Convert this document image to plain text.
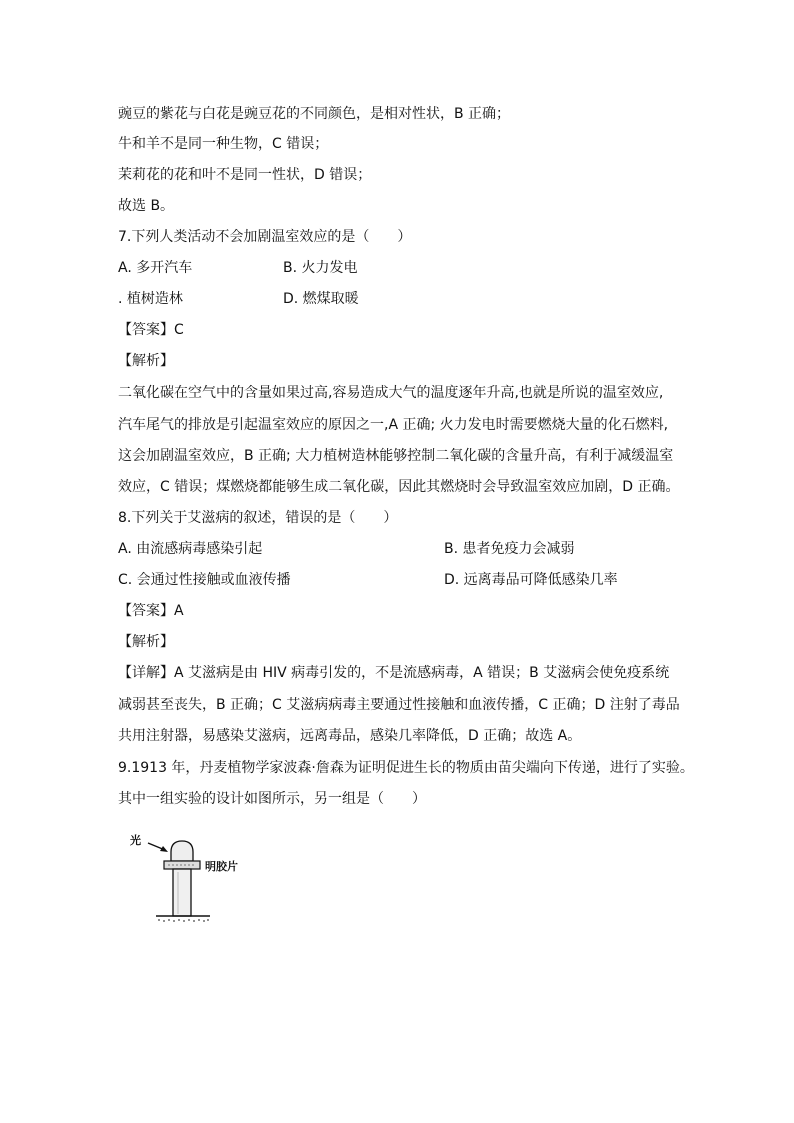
豌豆的紫花与白花是豌豆花的不同颜色，是相对性状，B 正确；
牛和羊不是同一种生物，C 错误；
茉莉花的花和叶不是同一性状，D 错误；
故选 B。
7.下列人类活动不会加剧温室效应的是（　　）
A. 多开汽车	B. 火力发电
. 植树造林	D. 燃煤取暖
【答案】C
【解析】
二氧化碳在空气中的含量如果过高,容易造成大气的温度逐年升高,也就是所说的温室效应,
汽车尾气的排放是引起温室效应的原因之一,A 正确; 火力发电时需要燃烧大量的化石燃料,
这会加剧温室效应，B 正确; 大力植树造林能够控制二氧化碳的含量升高，有利于减缓温室
效应，C 错误；煤燃烧都能够生成二氧化碳，因此其燃烧时会导致温室效应加剧，D 正确。
8.下列关于艾滋病的叙述，错误的是（　　）
A. 由流感病毒感染引起	B. 患者免疫力会减弱
C. 会通过性接触或血液传播	D. 远离毒品可降低感染几率
【答案】A
【解析】
【详解】A 艾滋病是由 HIV 病毒引发的，不是流感病毒，A 错误；B 艾滋病会使免疫系统
减弱甚至丧失，B 正确；C 艾滋病病毒主要通过性接触和血液传播，C 正确；D 注射了毒品
共用注射器，易感染艾滋病，远离毒品，感染几率降低，D 正确；故选 A。
9.1913 年，丹麦植物学家波森·詹森为证明促进生长的物质由苗尖端向下传递，进行了实验。
其中一组实验的设计如图所示，另一组是（　　）
光
明胶片
